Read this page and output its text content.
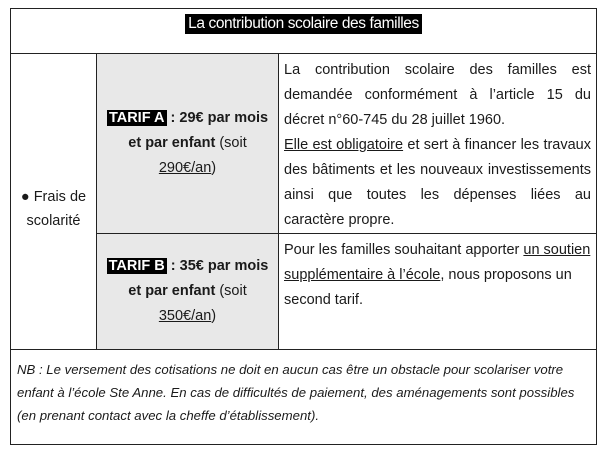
La contribution scolaire des familles
● Frais de scolarité
TARIF A : 29€ par mois et par enfant (soit 290€/an)

La contribution scolaire des familles est demandée conformément à l’article 15 du décret n°60-745 du 28 juillet 1960.

Elle est obligatoire et sert à financer les travaux des bâtiments et les nouveaux investissements ainsi que toutes les dépenses liées au caractère propre.

TARIF B : 35€ par mois et par enfant (soit 350€/an)

Pour les familles souhaitant apporter un soutien supplémentaire à l’école, nous proposons un second tarif.

NB : Le versement des cotisations ne doit en aucun cas être un obstacle pour scolariser votre enfant à l’école Ste Anne. En cas de difficultés de paiement, des aménagements sont possibles (en prenant contact avec la cheffe d’établissement).
